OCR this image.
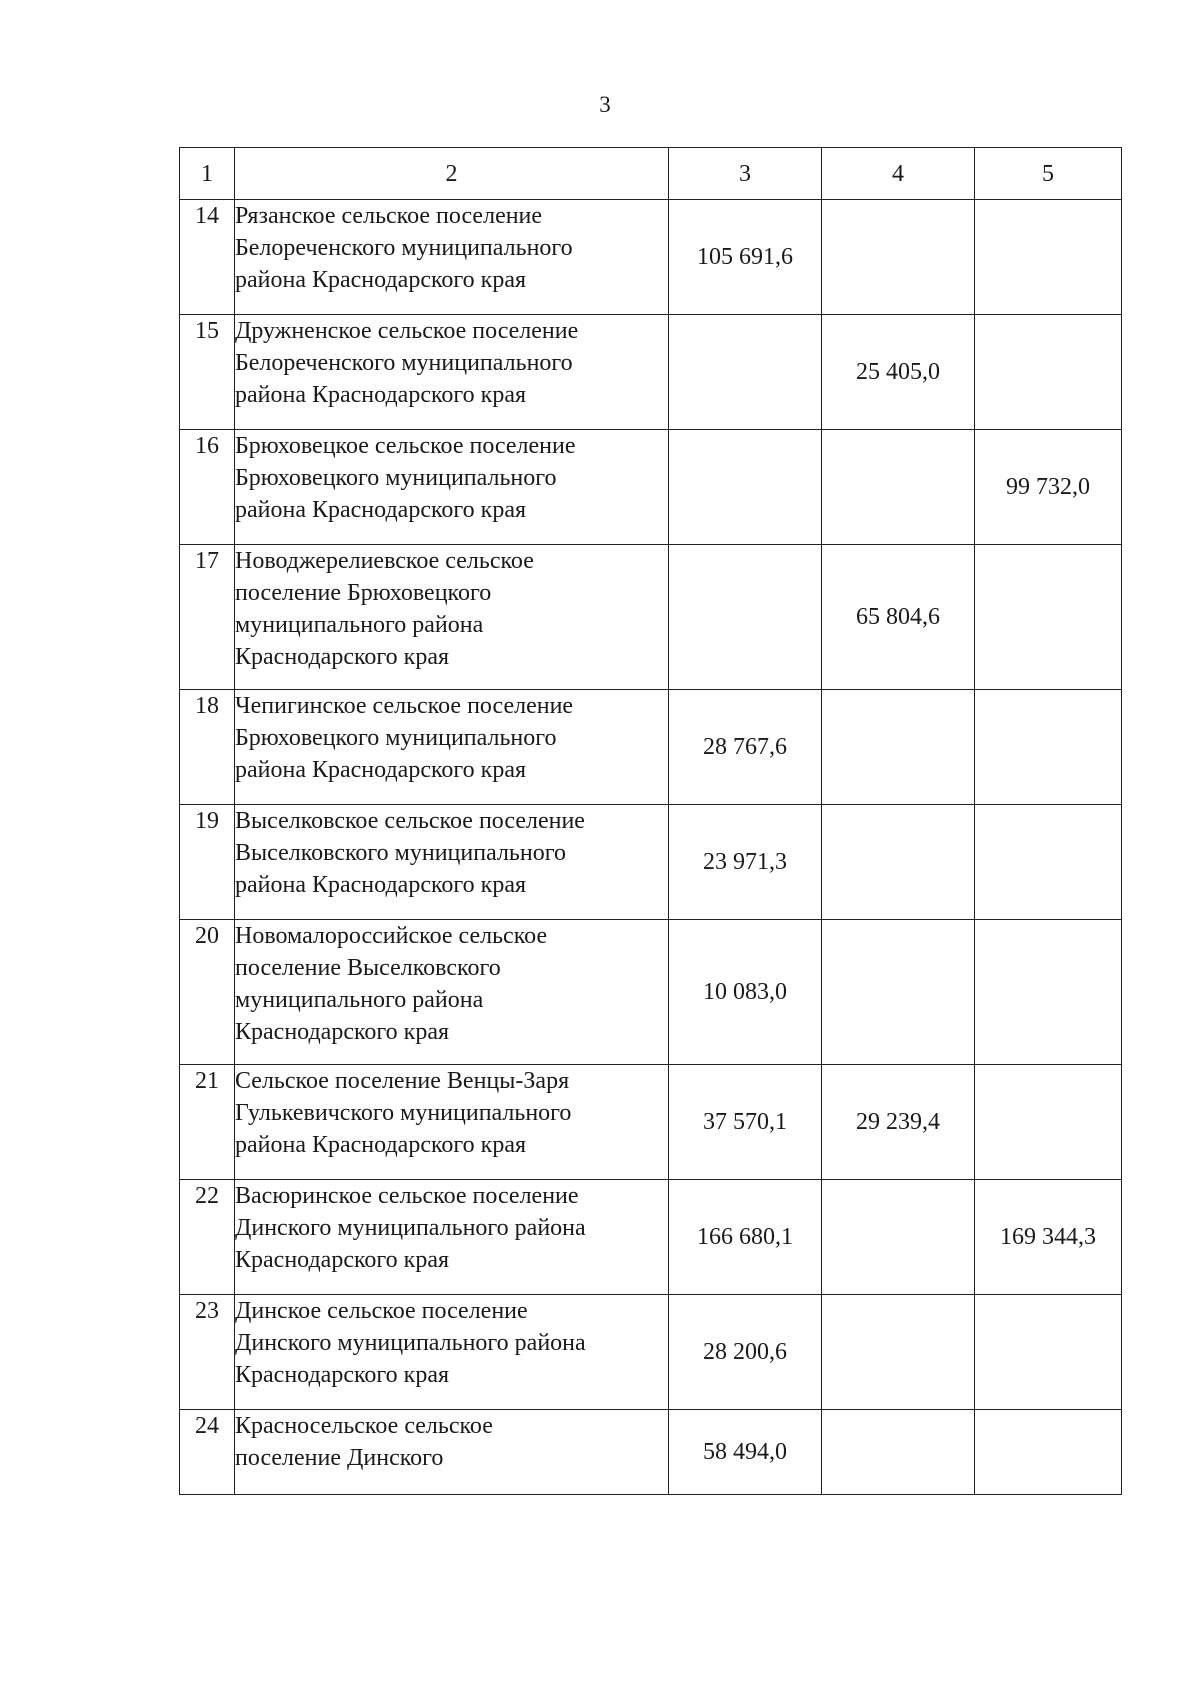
3
1	2	3	4	5
14	Рязанское сельское поселение
Белореченского муниципального
района Краснодарского края	105 691,6		
15	Дружненское сельское поселение
Белореченского муниципального
района Краснодарского края		25 405,0	
16	Брюховецкое сельское поселение
Брюховецкого муниципального
района Краснодарского края			99 732,0
17	Новоджерелиевское сельское
поселение Брюховецкого
муниципального района
Краснодарского края		65 804,6	
18	Чепигинское сельское поселение
Брюховецкого муниципального
района Краснодарского края	28 767,6		
19	Выселковское сельское поселение
Выселковского муниципального
района Краснодарского края	23 971,3		
20	Новомалороссийское сельское
поселение Выселковского
муниципального района
Краснодарского края	10 083,0		
21	Сельское поселение Венцы-Заря
Гулькевичского муниципального
района Краснодарского края	37 570,1	29 239,4	
22	Васюринское сельское поселение
Динского муниципального района
Краснодарского края	166 680,1		169 344,3
23	Динское сельское поселение
Динского муниципального района
Краснодарского края	28 200,6		
24	Красносельское сельское
поселение Динского	58 494,0		
